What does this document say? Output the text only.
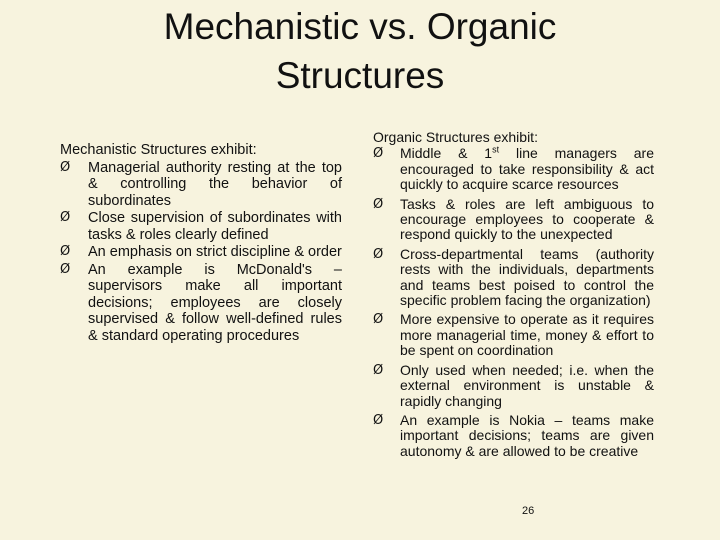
Mechanistic vs. Organic Structures

Mechanistic Structures exhibit:

Ø	Managerial authority resting at the top & controlling the behavior of subordinates
Ø	Close supervision of subordinates with tasks & roles clearly defined
Ø	An emphasis on strict discipline & order
Ø	An example is McDonald's – supervisors make all important decisions; employees are closely supervised & follow well-defined rules & standard operating procedures

Organic Structures exhibit:

Ø	Middle & 1st line managers are encouraged to take responsibility & act quickly to acquire scarce resources
Ø	Tasks & roles are left ambiguous to encourage employees to cooperate & respond quickly to the unexpected
Ø	Cross-departmental teams (authority rests with the individuals, departments and teams best poised to control the specific problem facing the organization)
Ø	More expensive to operate as it requires more managerial time, money & effort to be spent on coordination
Ø	Only used when needed; i.e. when the external environment is unstable & rapidly changing
Ø	An example is Nokia – teams make important decisions; teams are given autonomy & are allowed to be creative
26
